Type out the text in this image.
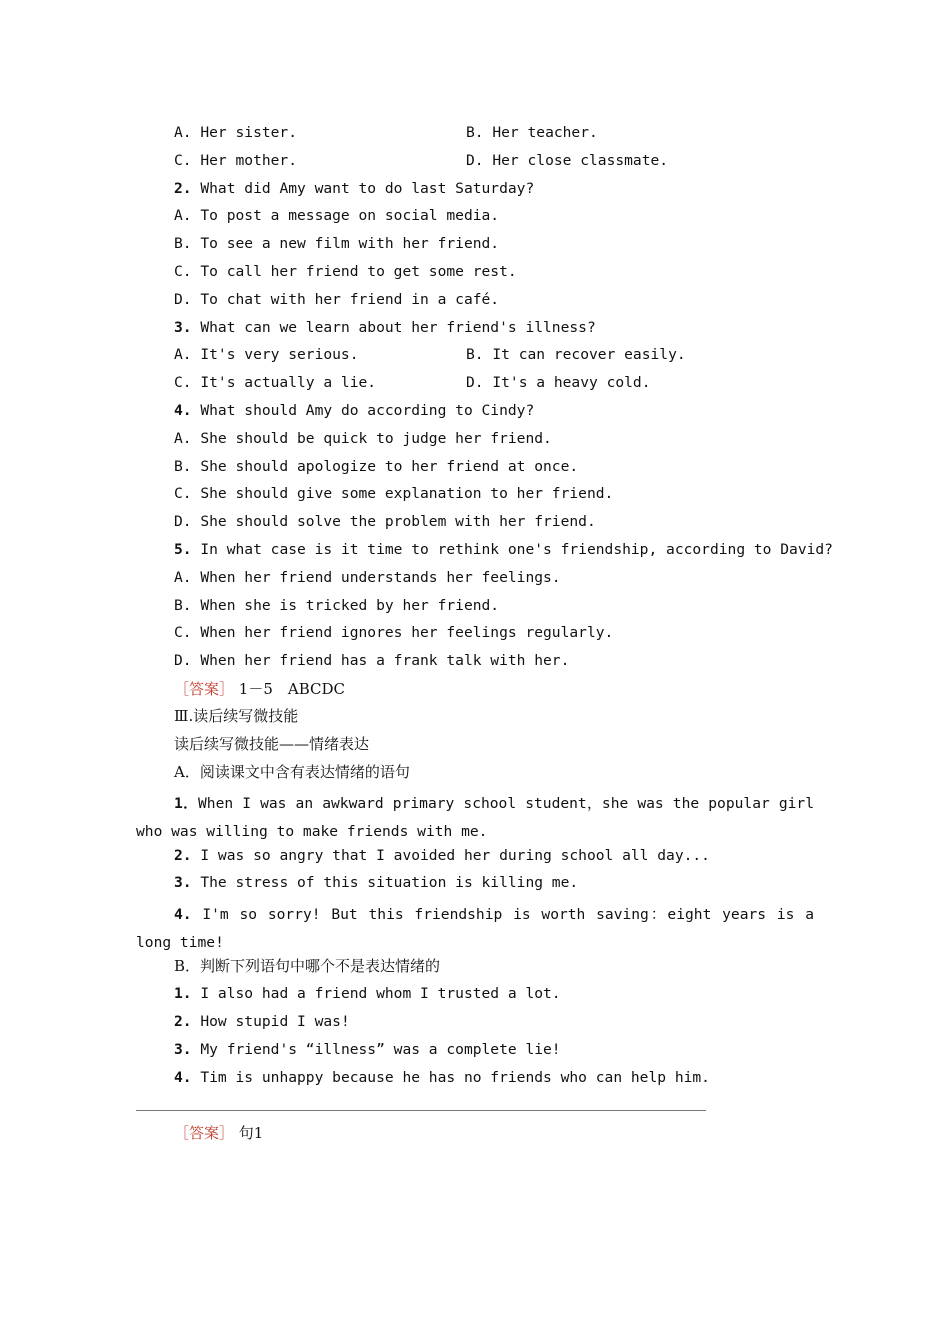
A. Her sister.	B. Her teacher.
C. Her mother.	D. Her close classmate.
2. What did Amy want to do last Saturday?
A. To post a message on social media.
B. To see a new film with her friend.
C. To call her friend to get some rest.
D. To chat with her friend in a café.
3. What can we learn about her friend's illness?
A. It's very serious.	B. It can recover easily.
C. It's actually a lie.	D. It's a heavy cold.
4. What should Amy do according to Cindy?
A. She should be quick to judge her friend.
B. She should apologize to her friend at once.
C. She should give some explanation to her friend.
D. She should solve the problem with her friend.
5. In what case is it time to rethink one's friendship, according to David?
A. When her friend understands her feelings.
B. When she is tricked by her friend.
C. When her friend ignores her feelings regularly.
D. When her friend has a frank talk with her.
［答案］ 1－5　ABCDC
Ⅲ.读后续写微技能
读后续写微技能——情绪表达
A．阅读课文中含有表达情绪的语句
1．When I was an awkward primary school student，she was the popular girl who was willing to make friends with me.
2. I was so angry that I avoided her during school all day...
3. The stress of this situation is killing me.
4. I'm so sorry! But this friendship is worth saving：eight years is a long time!
B．判断下列语句中哪个不是表达情绪的
1. I also had a friend whom I trusted a lot.
2. How stupid I was!
3. My friend's “illness” was a complete lie!
4. Tim is unhappy because he has no friends who can help him.
［答案］ 句1
